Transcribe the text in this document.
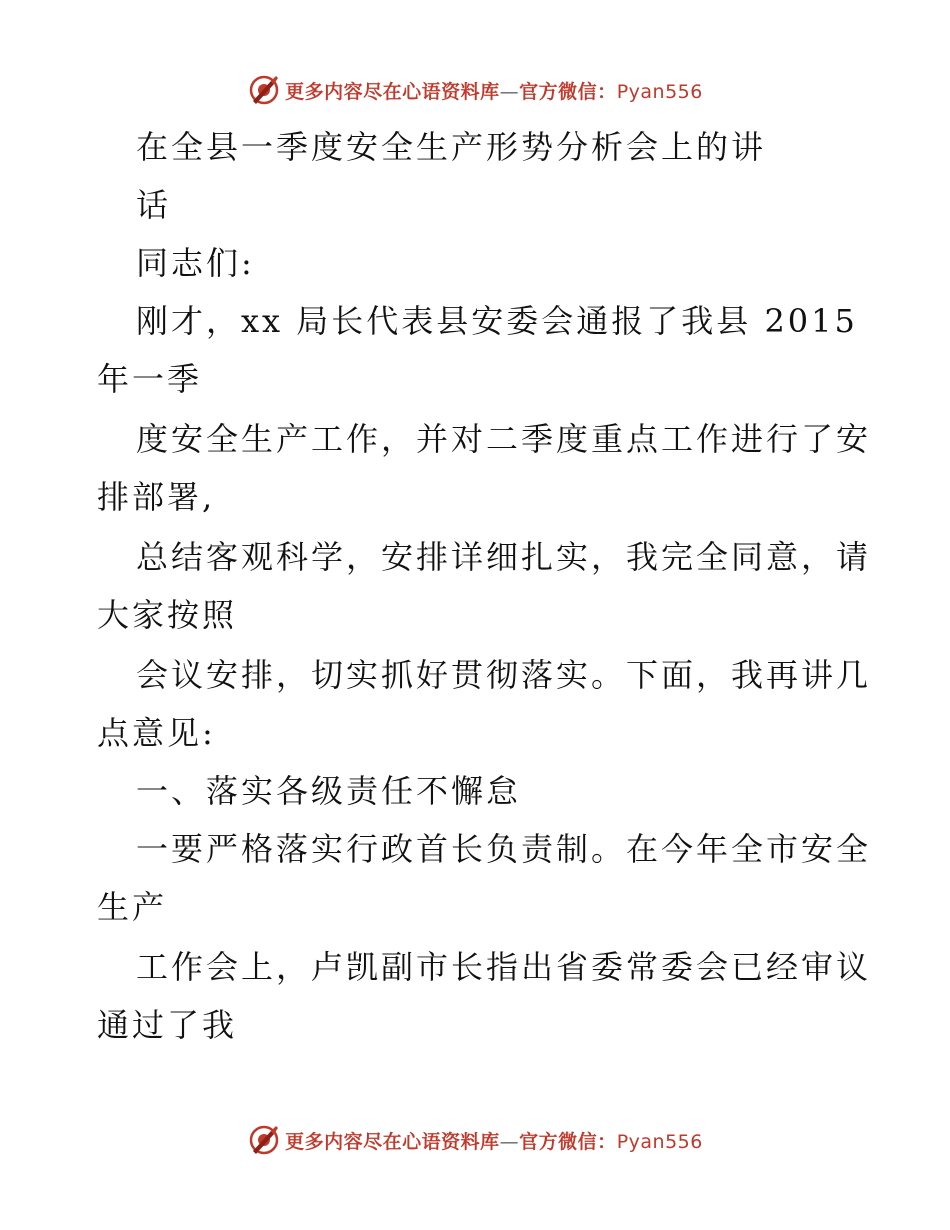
更多内容尽在心语资料库—官方微信：Pyan556
在全县一季度安全生产形势分析会上的讲
话
同志们:
刚才，xx 局长代表县安委会通报了我县 2015
年一季
度安全生产工作，并对二季度重点工作进行了安
排部署,
总结客观科学，安排详细扎实，我完全同意，请
大家按照
会议安排，切实抓好贯彻落实。下面，我再讲几
点意见:
一、落实各级责任不懈怠
一要严格落实行政首长负责制。在今年全市安全
生产
工作会上，卢凯副市长指出省委常委会已经审议
通过了我
更多内容尽在心语资料库—官方微信：Pyan556
